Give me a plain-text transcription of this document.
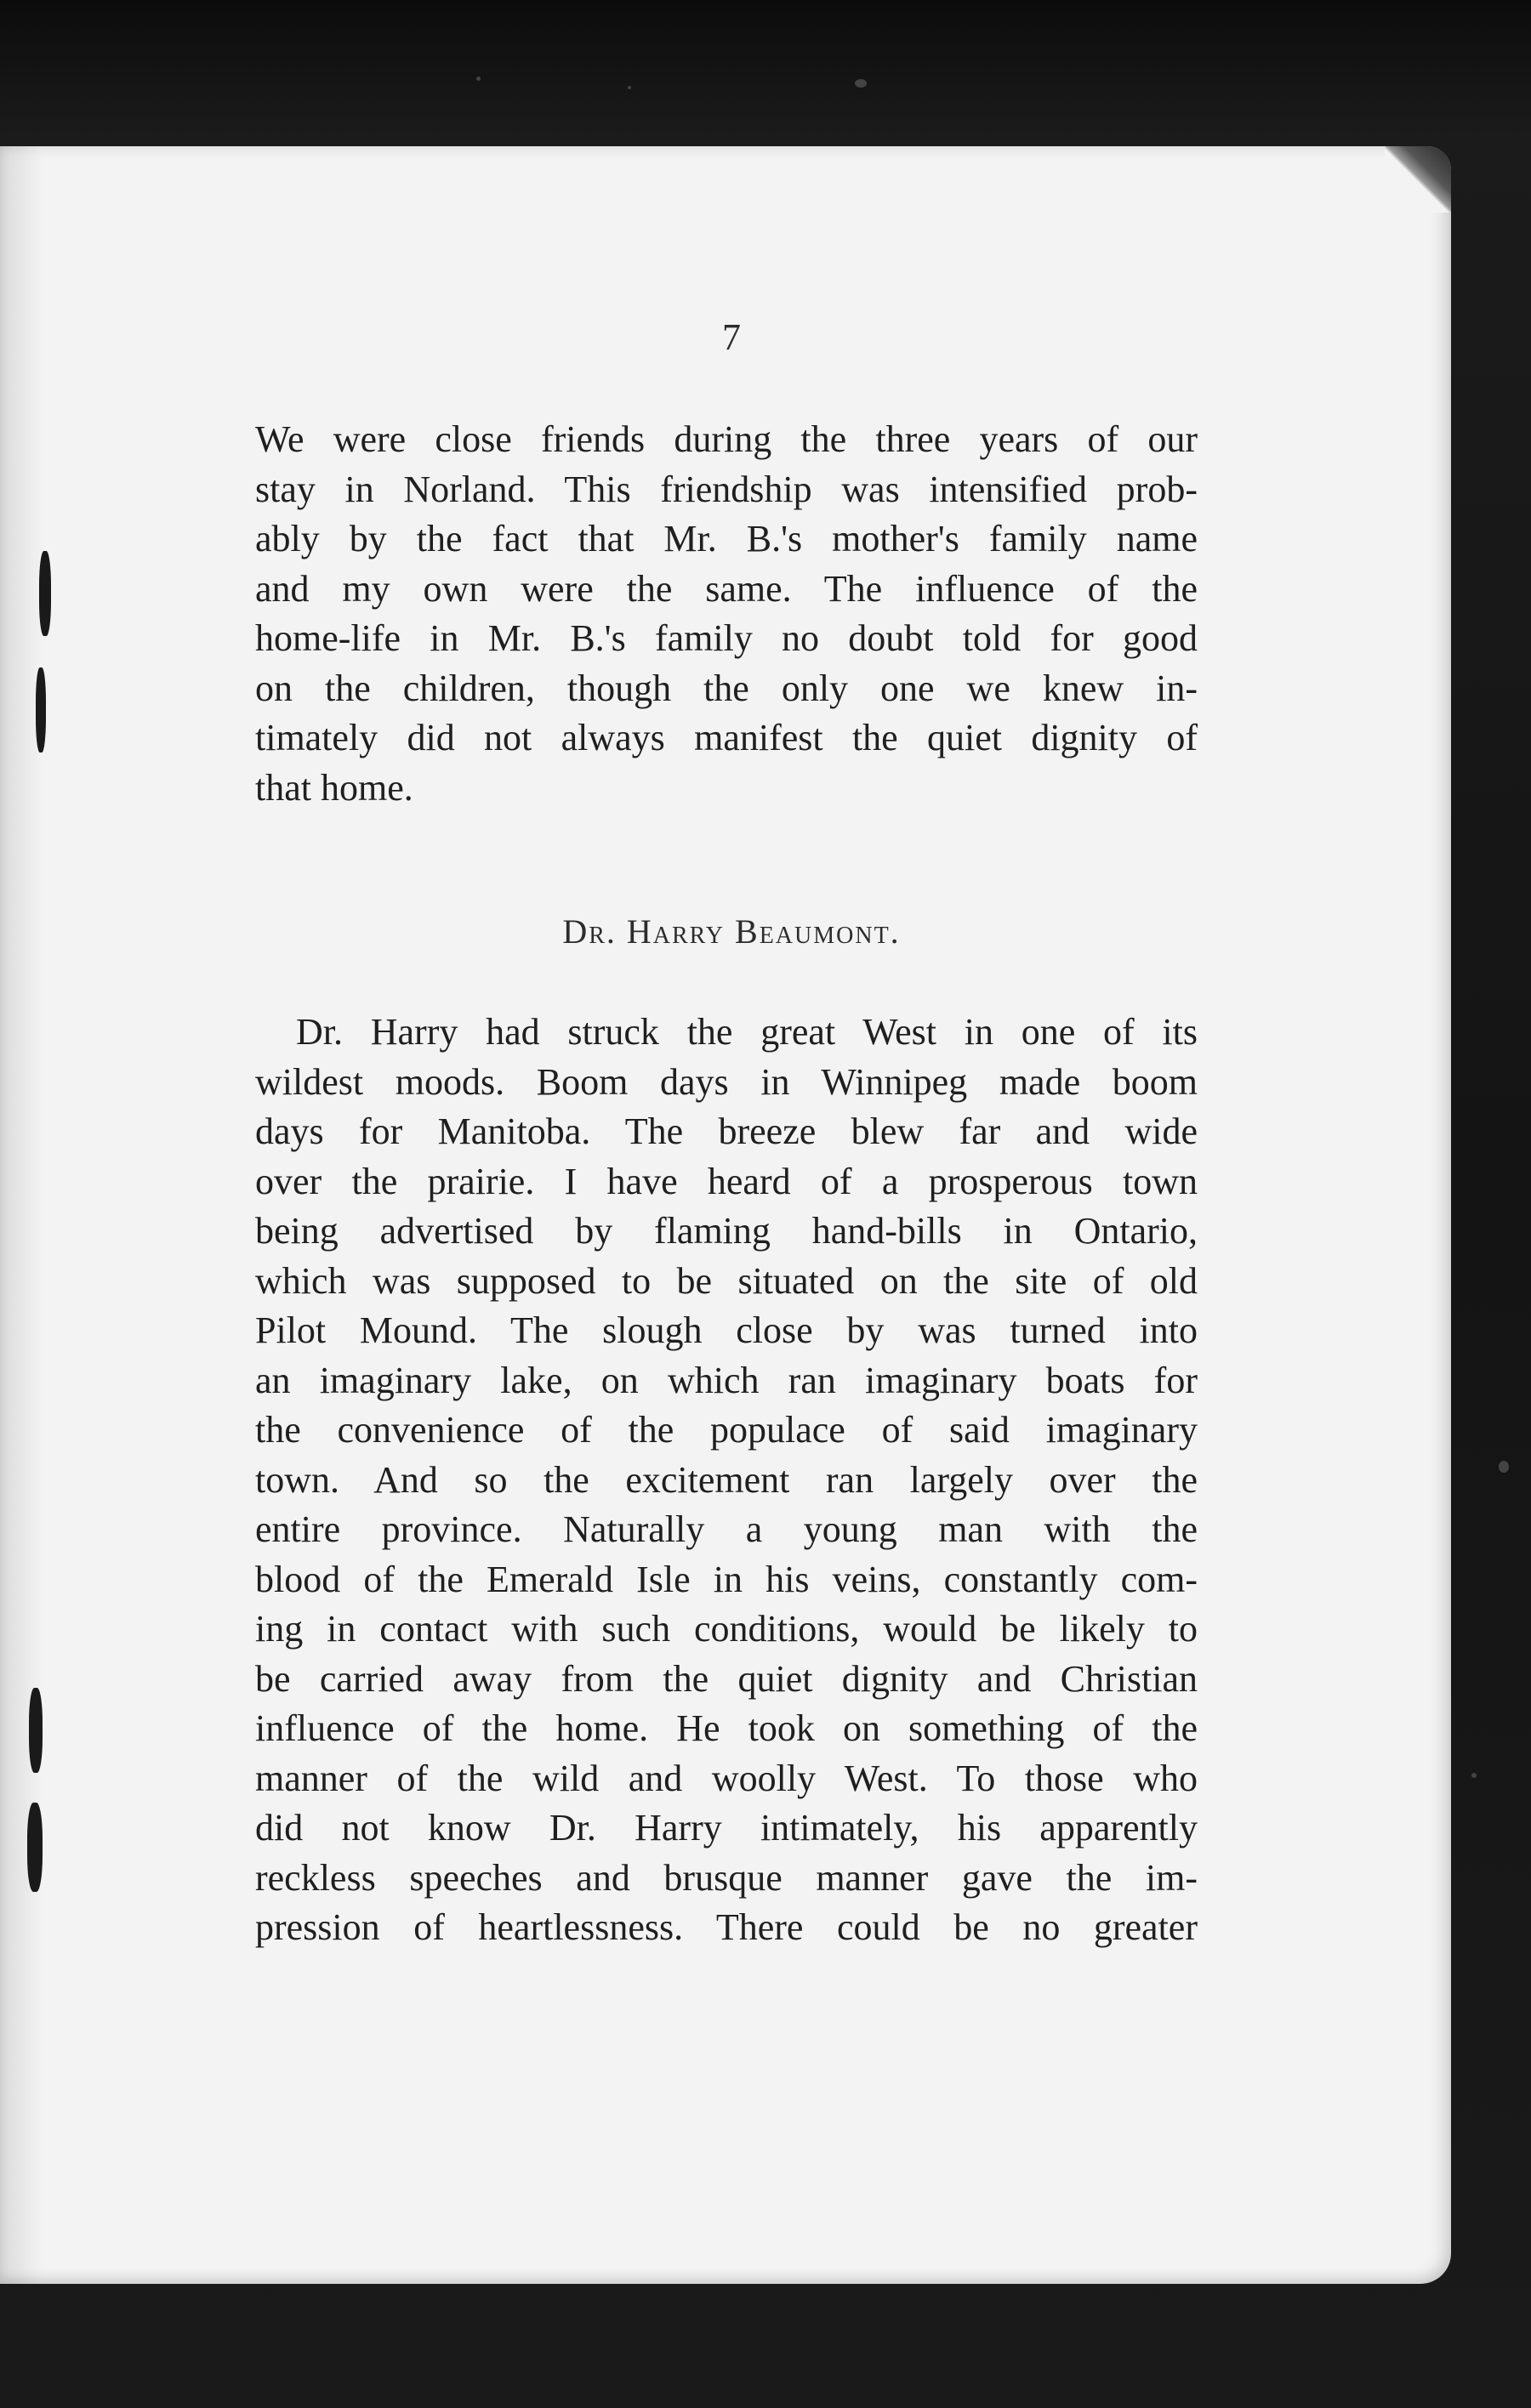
7
We were close friends during the three years of our
stay in Norland. This friendship was intensified prob-
ably by the fact that Mr. B.'s mother's family name
and my own were the same. The influence of the
home-life in Mr. B.'s family no doubt told for good
on the children, though the only one we knew in-
timately did not always manifest the quiet dignity of
that home.
Dr. Harry Beaumont.
Dr. Harry had struck the great West in one of its
wildest moods. Boom days in Winnipeg made boom
days for Manitoba. The breeze blew far and wide
over the prairie. I have heard of a prosperous town
being advertised by flaming hand-bills in Ontario,
which was supposed to be situated on the site of old
Pilot Mound. The slough close by was turned into
an imaginary lake, on which ran imaginary boats for
the convenience of the populace of said imaginary
town. And so the excitement ran largely over the
entire province. Naturally a young man with the
blood of the Emerald Isle in his veins, constantly com-
ing in contact with such conditions, would be likely to
be carried away from the quiet dignity and Christian
influence of the home. He took on something of the
manner of the wild and woolly West. To those who
did not know Dr. Harry intimately, his apparently
reckless speeches and brusque manner gave the im-
pression of heartlessness. There could be no greater
